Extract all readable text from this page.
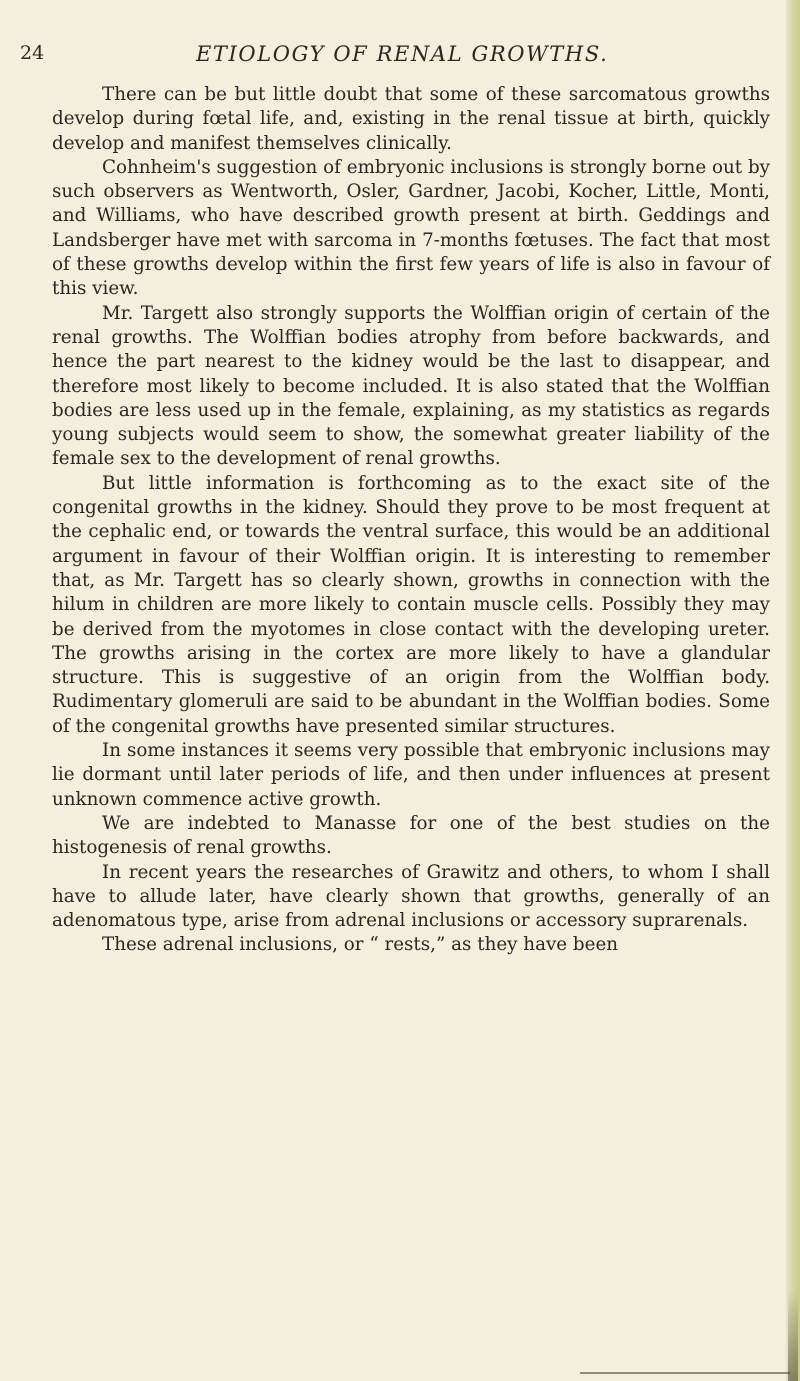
24	ETIOLOGY OF RENAL GROWTHS.

There can be but little doubt that some of these sarcomatous growths develop during fœtal life, and, existing in the renal tissue at birth, quickly develop and manifest themselves clinically.

Cohnheim's suggestion of embryonic inclusions is strongly borne out by such observers as Wentworth, Osler, Gardner, Jacobi, Kocher, Little, Monti, and Williams, who have described growth present at birth. Geddings and Landsberger have met with sarcoma in 7-months fœtuses. The fact that most of these growths develop within the first few years of life is also in favour of this view.

Mr. Targett also strongly supports the Wolffian origin of certain of the renal growths. The Wolffian bodies atrophy from before backwards, and hence the part nearest to the kidney would be the last to disappear, and therefore most likely to become included. It is also stated that the Wolffian bodies are less used up in the female, explaining, as my statistics as regards young subjects would seem to show, the somewhat greater liability of the female sex to the development of renal growths.

But little information is forthcoming as to the exact site of the congenital growths in the kidney. Should they prove to be most frequent at the cephalic end, or towards the ventral surface, this would be an additional argument in favour of their Wolffian origin. It is interesting to remember that, as Mr. Targett has so clearly shown, growths in connection with the hilum in children are more likely to contain muscle cells. Possibly they may be derived from the myotomes in close contact with the developing ureter. The growths arising in the cortex are more likely to have a glandular structure. This is suggestive of an origin from the Wolffian body. Rudimentary glomeruli are said to be abundant in the Wolffian bodies. Some of the congenital growths have presented similar structures.

In some instances it seems very possible that embryonic inclusions may lie dormant until later periods of life, and then under influences at present unknown commence active growth.

We are indebted to Manasse for one of the best studies on the histogenesis of renal growths.

In recent years the researches of Grawitz and others, to whom I shall have to allude later, have clearly shown that growths, generally of an adenomatous type, arise from adrenal inclusions or accessory suprarenals.

These adrenal inclusions, or “ rests,” as they have been
